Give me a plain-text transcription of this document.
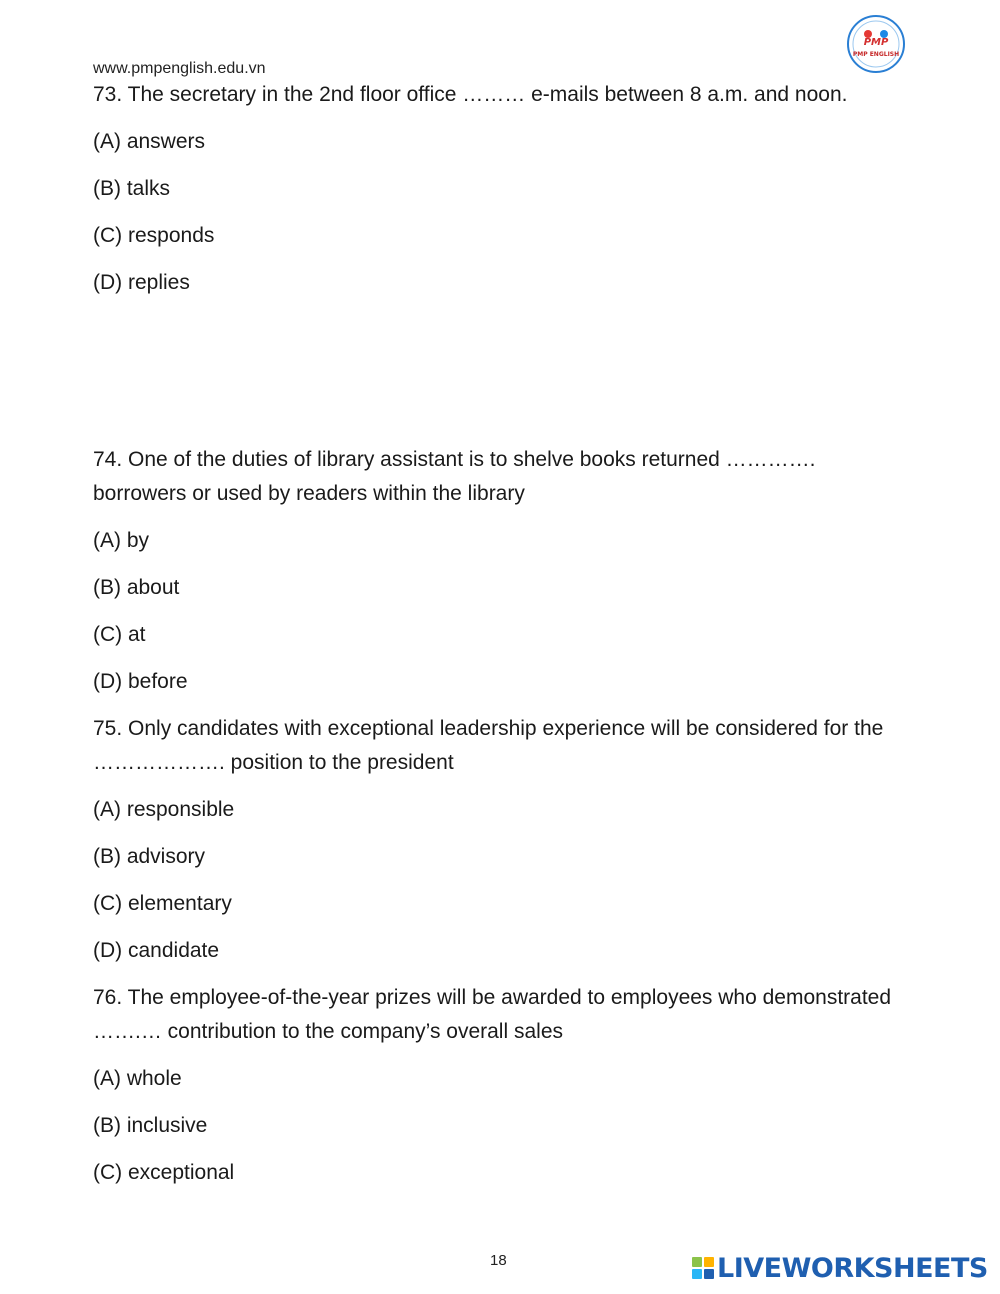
www.pmpenglish.edu.vn
PMP
PMP ENGLISH
73. The secretary in the 2nd floor office ……… e-mails between 8 a.m. and noon.
(A) answers
(B) talks
(C) responds
(D) replies
74. One of the duties of library assistant is to shelve books returned …………. borrowers or used by readers within the library
(A) by
(B) about
(C) at
(D) before
75. Only candidates with exceptional leadership experience will be considered for the ………………. position to the president
(A) responsible
(B) advisory
(C) elementary
(D) candidate
76. The employee-of-the-year prizes will be awarded to employees who demonstrated …….… contribution to the company’s overall sales
(A) whole
(B) inclusive
(C) exceptional
18	LIVEWORKSHEETS
